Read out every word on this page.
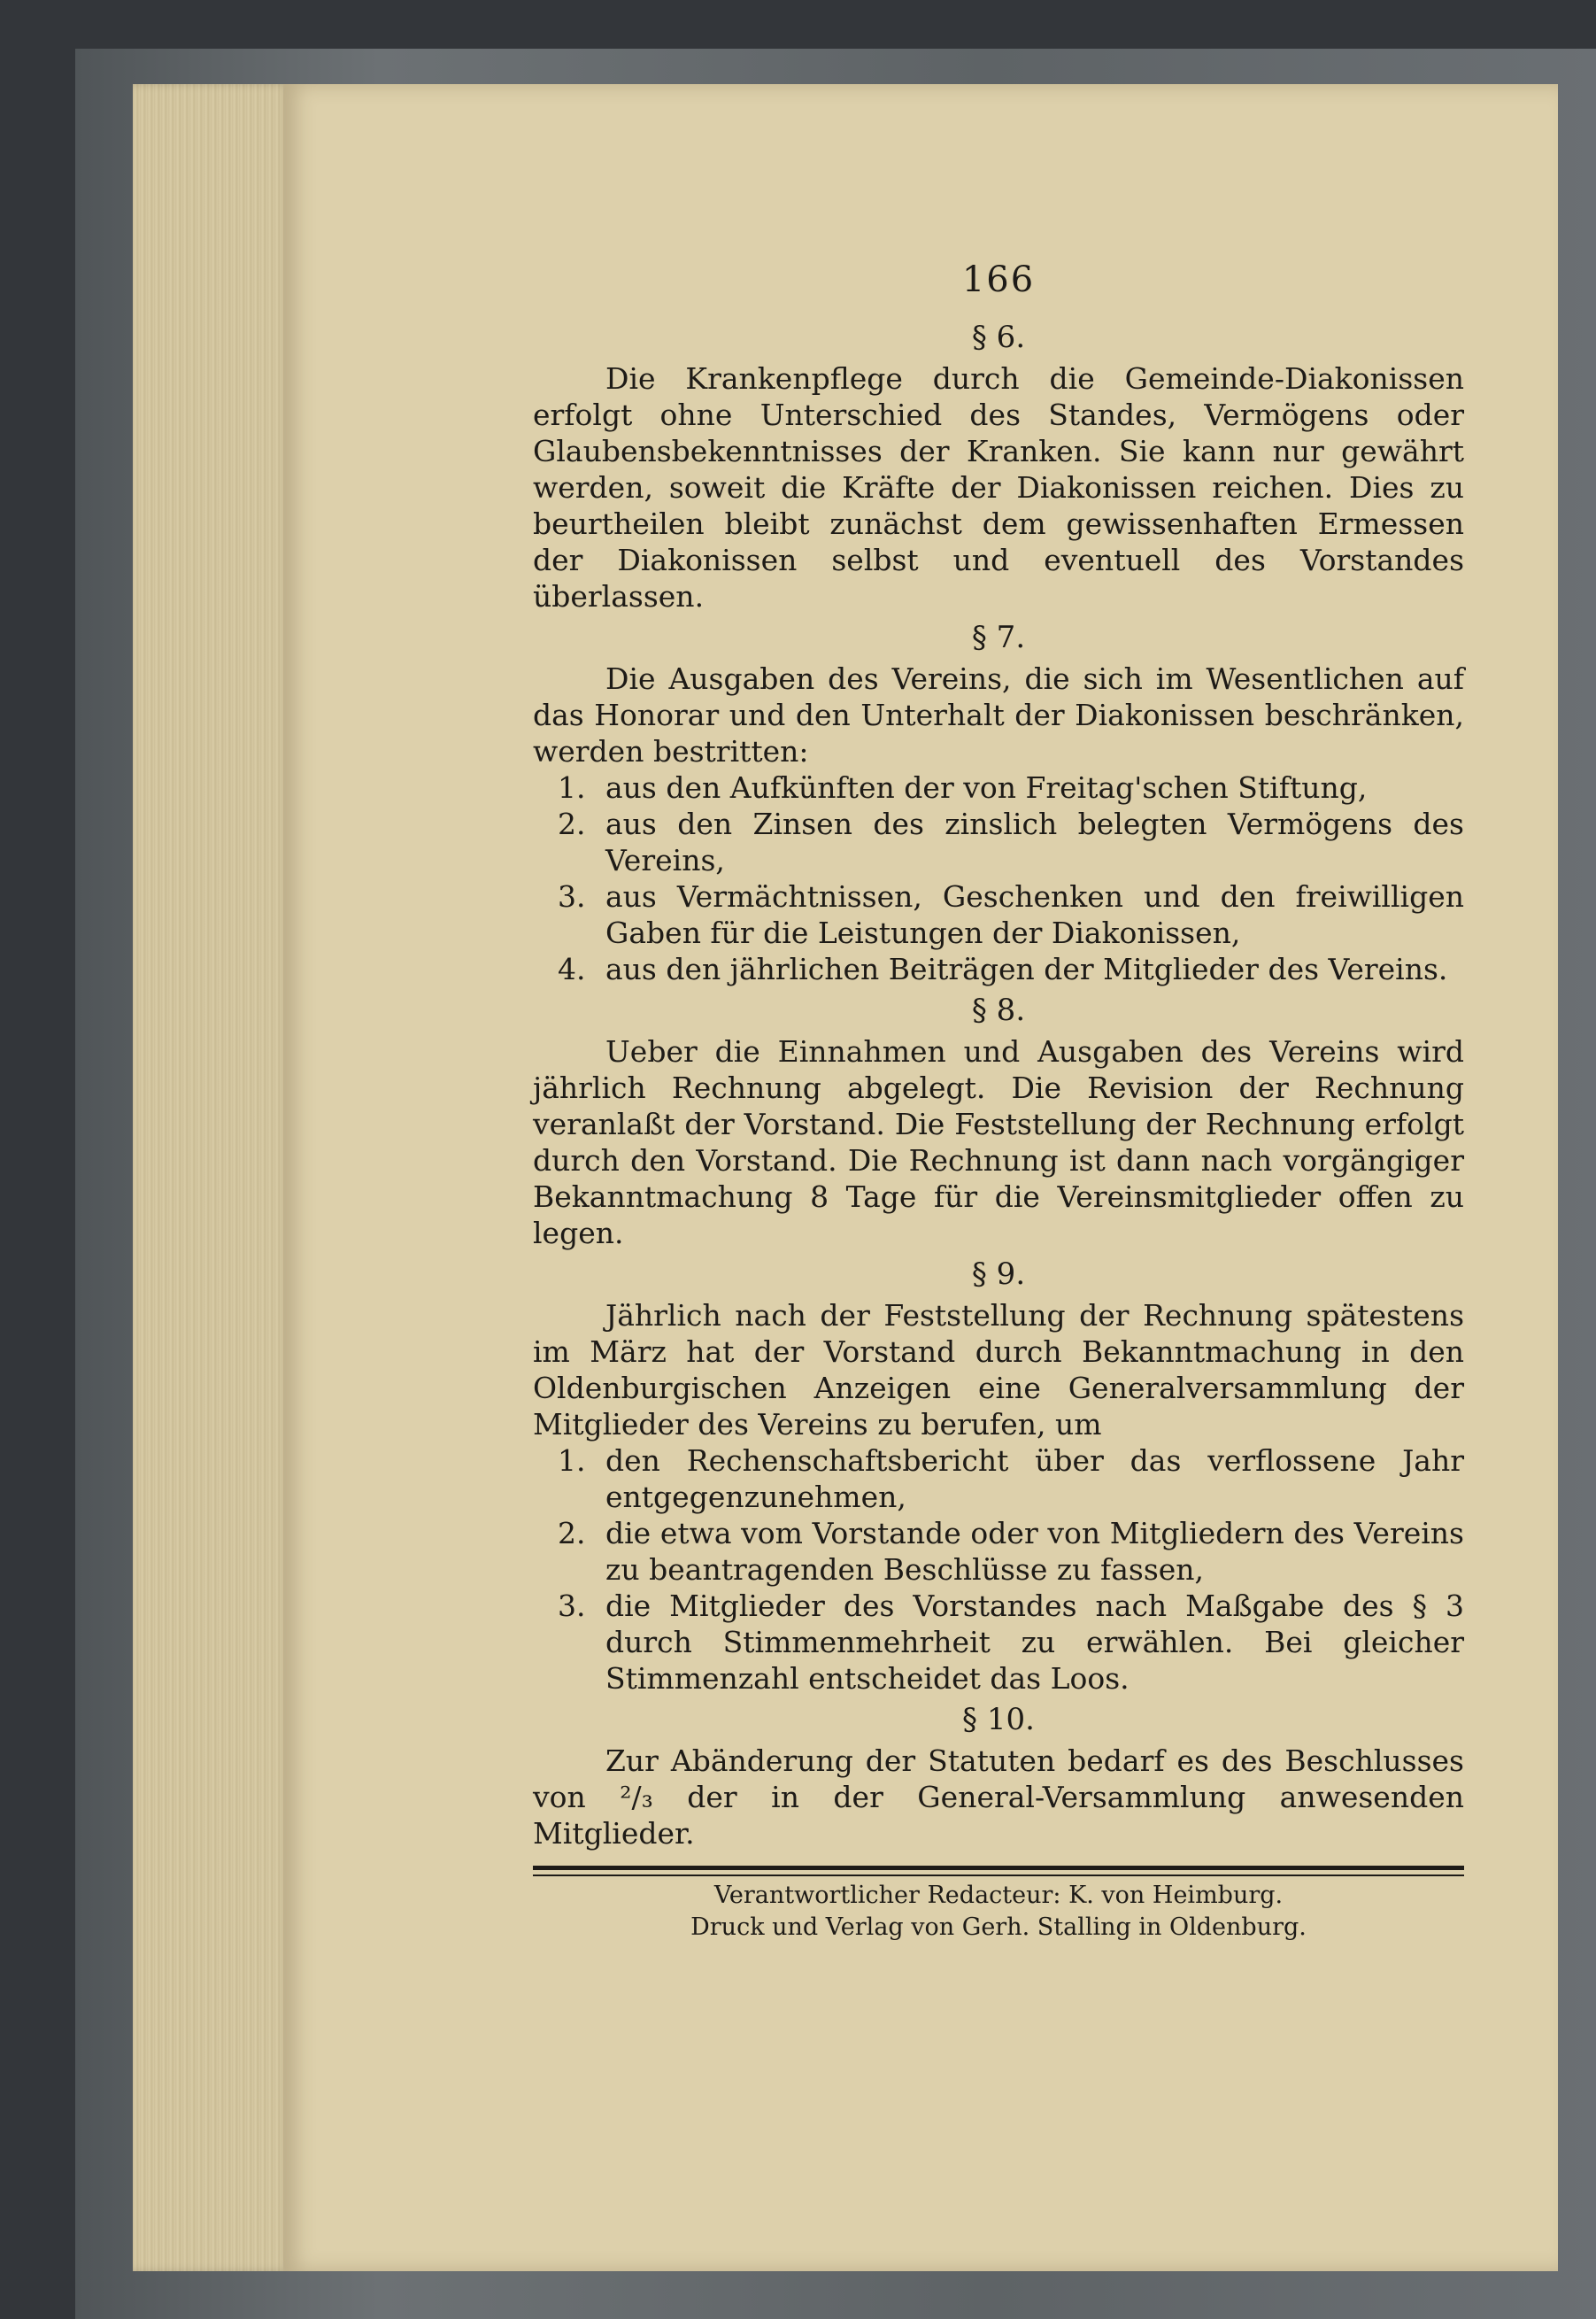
166
§ 6.

Die Krankenpflege durch die Gemeinde-Diakonissen erfolgt ohne Unterschied des Standes, Vermögens oder Glaubensbekenntnisses der Kranken. Sie kann nur gewährt werden, soweit die Kräfte der Diakonissen reichen. Dies zu beurtheilen bleibt zunächst dem gewissenhaften Ermessen der Diakonissen selbst und eventuell des Vorstandes überlassen.

§ 7.

Die Ausgaben des Vereins, die sich im Wesentlichen auf das Honorar und den Unterhalt der Diakonissen beschränken, werden bestritten:

1. aus den Aufkünften der von Freitag'schen Stiftung,
2. aus den Zinsen des zinslich belegten Vermögens des Vereins,
3. aus Vermächtnissen, Geschenken und den freiwilligen Gaben für die Leistungen der Diakonissen,
4. aus den jährlichen Beiträgen der Mitglieder des Vereins.
§ 8.

Ueber die Einnahmen und Ausgaben des Vereins wird jährlich Rechnung abgelegt. Die Revision der Rechnung veranlaßt der Vorstand. Die Feststellung der Rechnung erfolgt durch den Vorstand. Die Rechnung ist dann nach vorgängiger Bekanntmachung 8 Tage für die Vereinsmitglieder offen zu legen.

§ 9.

Jährlich nach der Feststellung der Rechnung spätestens im März hat der Vorstand durch Bekanntmachung in den Oldenburgischen Anzeigen eine Generalversammlung der Mitglieder des Vereins zu berufen, um

1. den Rechenschaftsbericht über das verflossene Jahr entgegenzunehmen,
2. die etwa vom Vorstande oder von Mitgliedern des Vereins zu beantragenden Beschlüsse zu fassen,
3. die Mitglieder des Vorstandes nach Maßgabe des § 3 durch Stimmenmehrheit zu erwählen. Bei gleicher Stimmenzahl entscheidet das Loos.
§ 10.

Zur Abänderung der Statuten bedarf es des Beschlusses von ²/₃ der in der General-Versammlung anwesenden Mitglieder.

Verantwortlicher Redacteur: K. von Heimburg.

Druck und Verlag von Gerh. Stalling in Oldenburg.
